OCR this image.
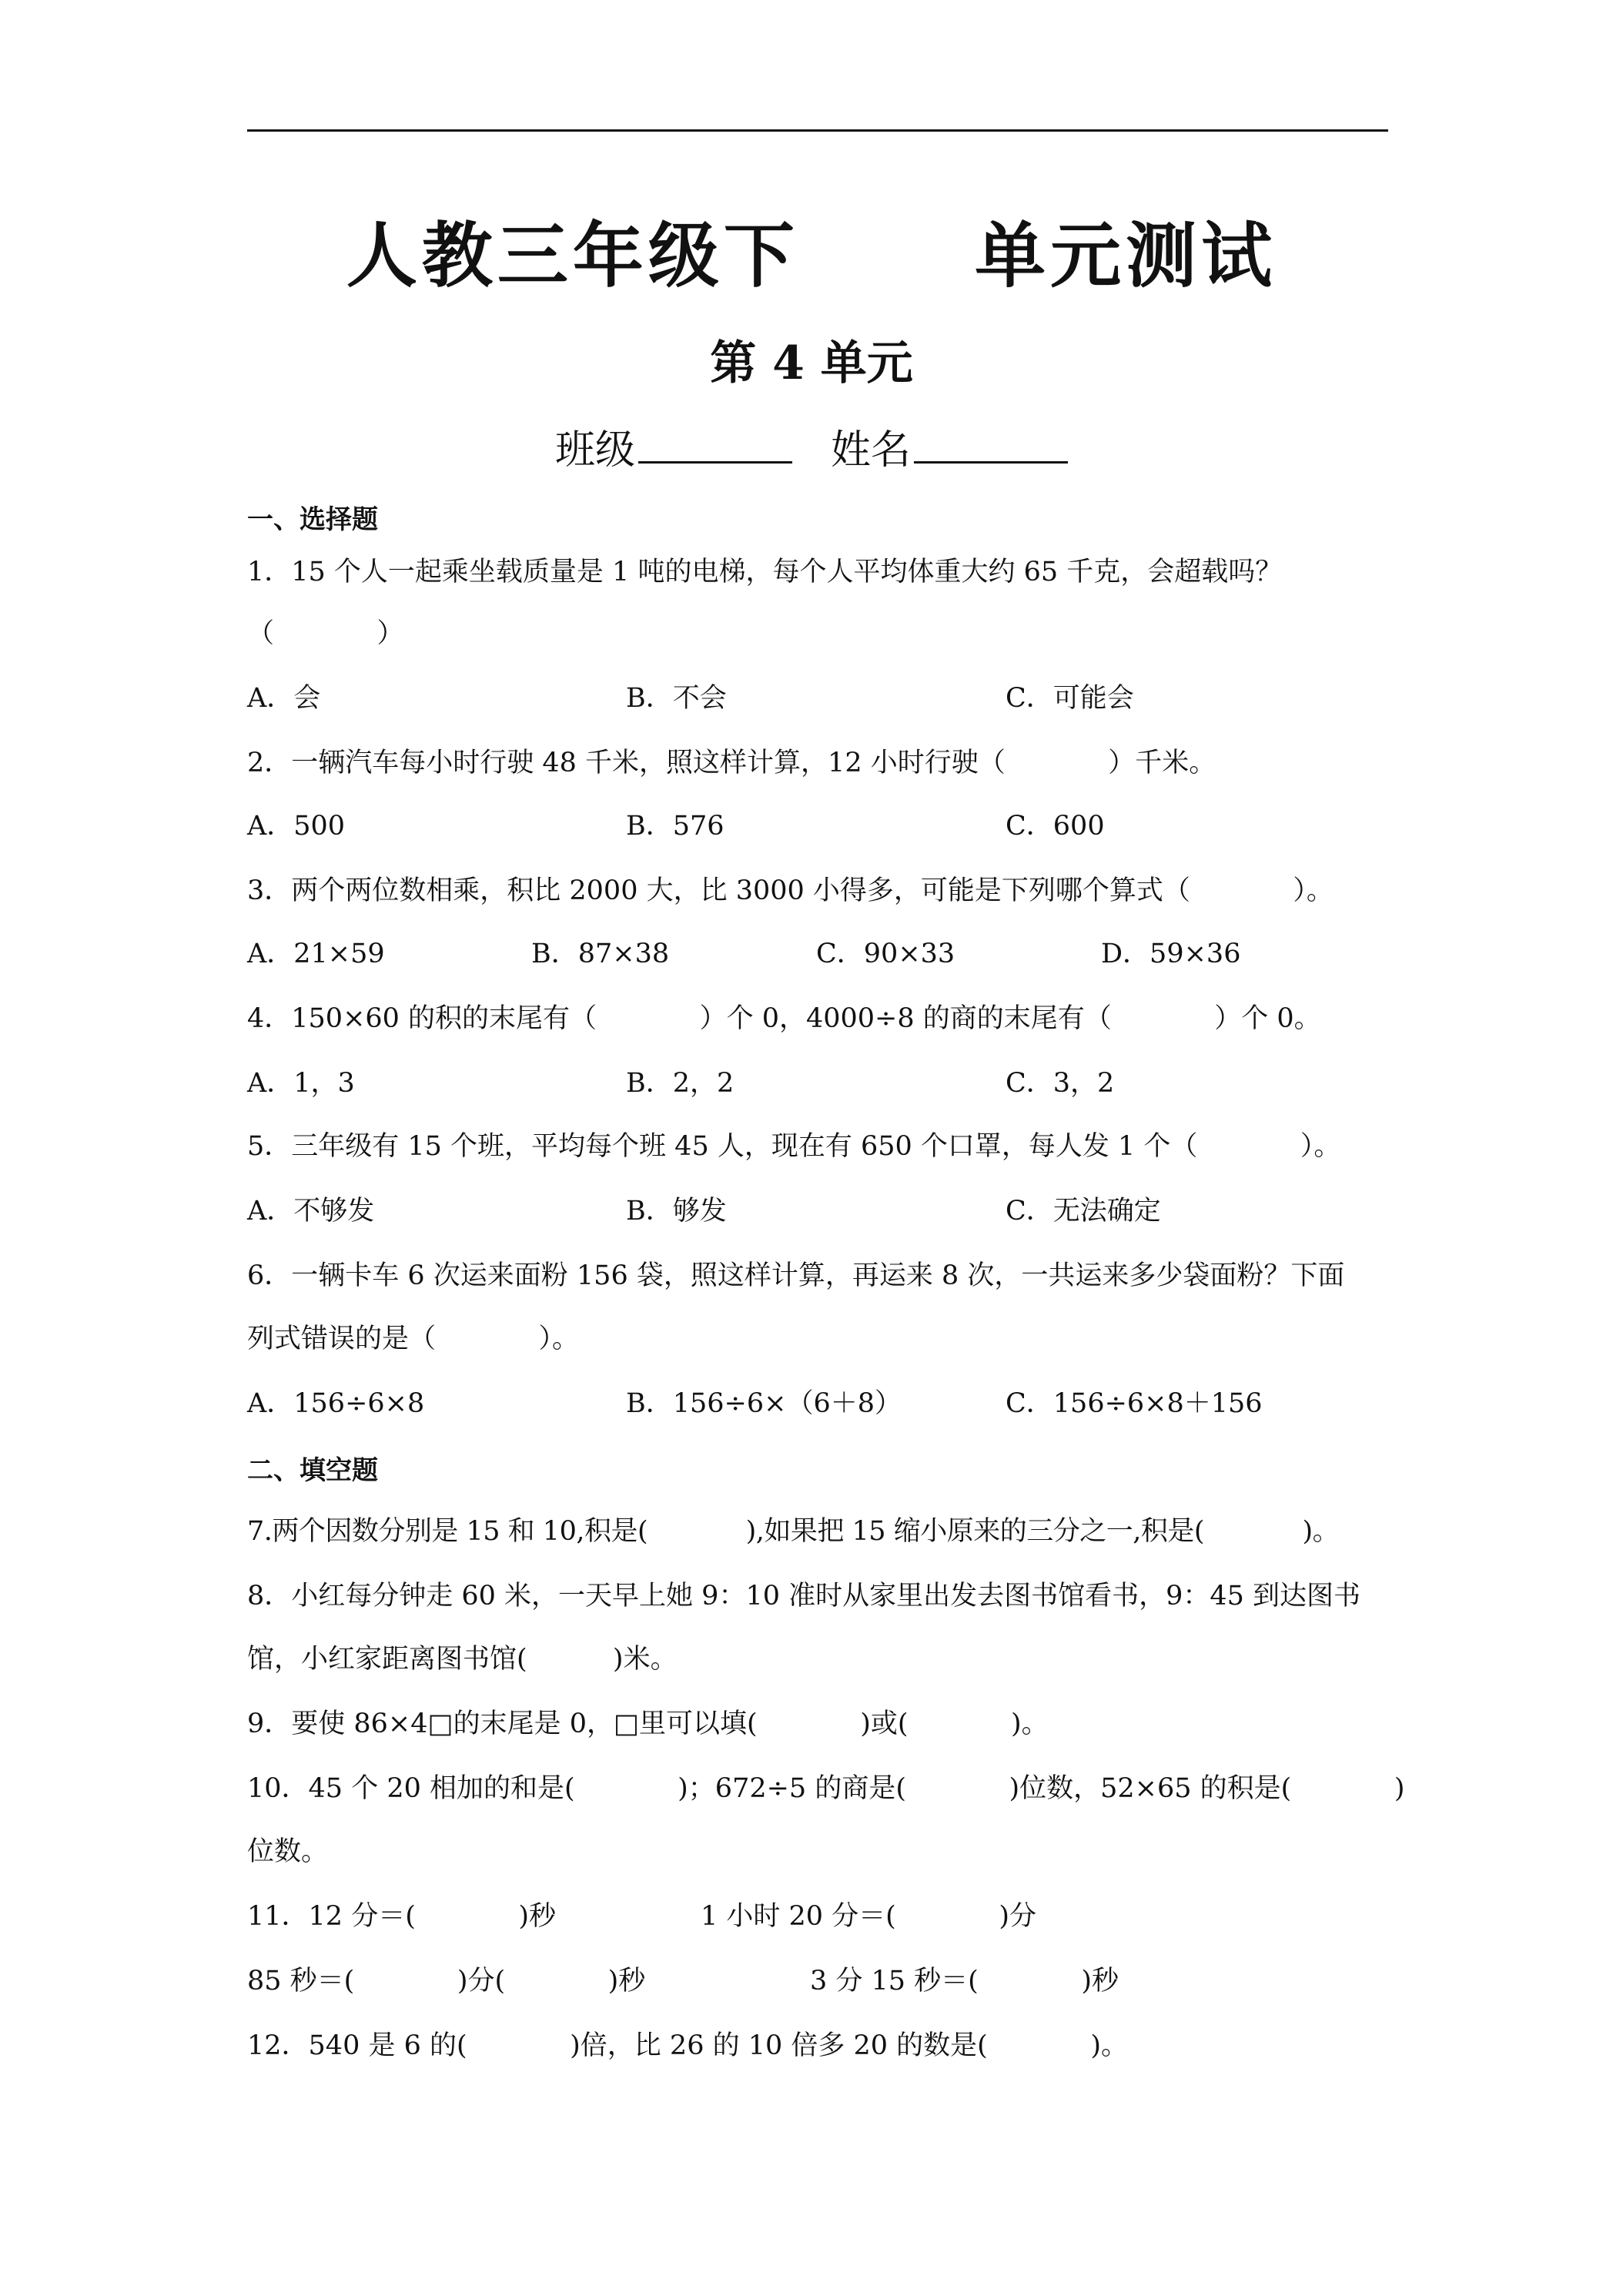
人教三年级下      单元测试
第 4 单元
班级	姓名
一、选择题
1．15 个人一起乘坐载质量是 1 吨的电梯，每个人平均体重大约 65 千克，会超载吗？
（            ）
A．会	B．不会	C．可能会
2．一辆汽车每小时行驶 48 千米，照这样计算，12 小时行驶（            ）千米。
A．500	B．576	C．600
3．两个两位数相乘，积比 2000 大，比 3000 小得多，可能是下列哪个算式（            ）。
A．21×59	B．87×38	C．90×33	D．59×36
4．150×60 的积的末尾有（            ）个 0，4000÷8 的商的末尾有（            ）个 0。
A．1，3	B．2，2	C．3，2
5．三年级有 15 个班，平均每个班 45 人，现在有 650 个口罩，每人发 1 个（            ）。
A．不够发	B．够发	C．无法确定
6．一辆卡车 6 次运来面粉 156 袋，照这样计算，再运来 8 次，一共运来多少袋面粉？下面
列式错误的是（            ）。
A．156÷6×8	B．156÷6×（6＋8）	C．156÷6×8＋156
二、填空题
7.两个因数分别是 15 和 10,积是(            ),如果把 15 缩小原来的三分之一,积是(            )。
8．小红每分钟走 60 米，一天早上她 9：10 准时从家里出发去图书馆看书，9：45 到达图书
馆，小红家距离图书馆(          )米。
9．要使 86×4□的末尾是 0，□里可以填(            )或(            )。
10．45 个 20 相加的和是(            )；672÷5 的商是(            )位数，52×65 的积是(            )
位数。
11．12 分＝(            )秒	1 小时 20 分＝(            )分
85 秒＝(            )分(            )秒	3 分 15 秒＝(            )秒
12．540 是 6 的(            )倍，比 26 的 10 倍多 20 的数是(            )。
